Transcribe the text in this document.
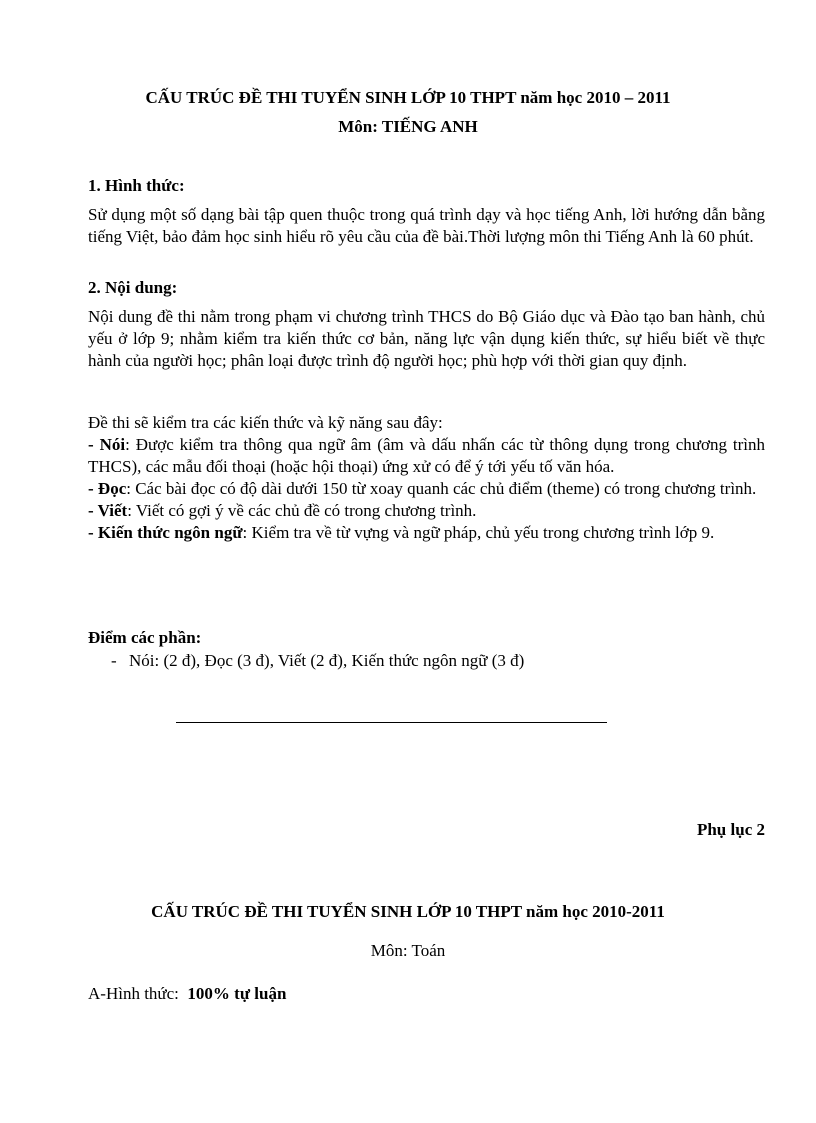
CẤU TRÚC ĐỀ THI TUYỂN SINH LỚP 10 THPT năm học 2010 – 2011
Môn: TIẾNG ANH
1. Hình thức:
Sử dụng một số dạng bài tập quen thuộc trong quá trình dạy và học tiếng Anh, lời hướng dẫn bằng tiếng Việt, bảo đảm học sinh hiểu rõ yêu cầu của đề bài.Thời lượng môn thi Tiếng Anh là 60 phút.
2. Nội dung:
Nội dung đề thi nằm trong phạm vi chương trình THCS do Bộ Giáo dục và Đào tạo ban hành, chủ yếu ở lớp 9; nhằm kiểm tra kiến thức cơ bản, năng lực vận dụng kiến thức, sự hiểu biết về thực hành của người học; phân loại được trình độ người học; phù hợp với thời gian quy định.
Đề thi sẽ kiểm tra các kiến thức và kỹ năng sau đây:
- Nói: Được kiểm tra thông qua ngữ âm (âm và dấu nhấn các từ thông dụng trong chương trình THCS), các mẫu đối thoại (hoặc hội thoại) ứng xử có để ý tới yếu tố văn hóa.
- Đọc: Các bài đọc có độ dài dưới 150 từ xoay quanh các chủ điểm (theme) có trong chương trình.
- Viết: Viết có gợi ý về các chủ đề có trong chương trình.
- Kiến thức ngôn ngữ: Kiểm tra về từ vựng và ngữ pháp, chủ yếu trong chương trình lớp 9.
Điểm các phần:
- Nói: (2 đ), Đọc (3 đ), Viết (2 đ), Kiến thức ngôn ngữ (3 đ)
Phụ lục 2
CẤU TRÚC ĐỀ THI TUYỂN SINH LỚP 10 THPT năm học 2010-2011
Môn: Toán
A-Hình thức: 100% tự luận
